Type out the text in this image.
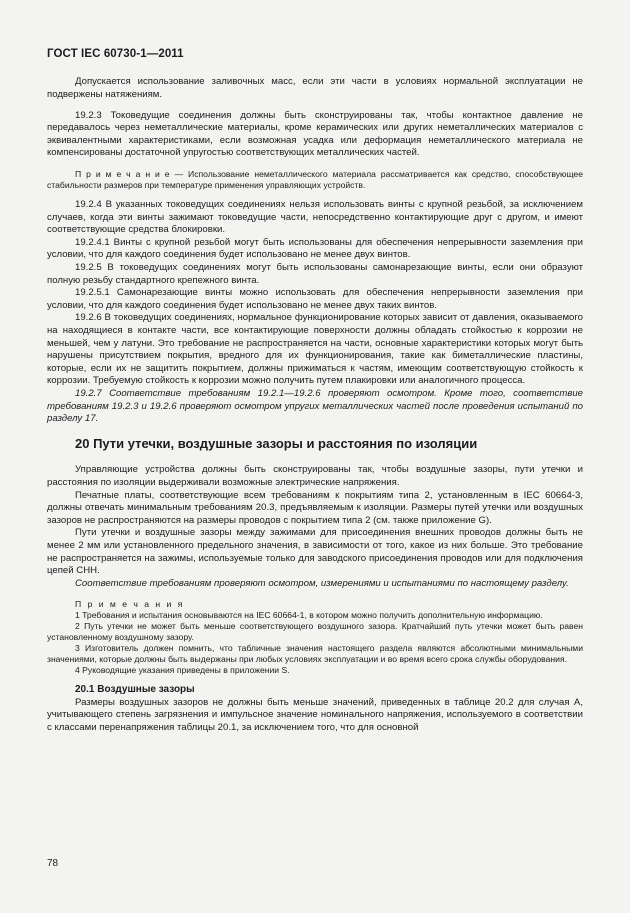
ГОСТ IEC 60730-1—2011

Допускается использование заливочных масс, если эти части в условиях нормальной эксплуатации не подвержены натяжениям.

19.2.3 Токоведущие соединения должны быть сконструированы так, чтобы контактное давление не передавалось через неметаллические материалы, кроме керамических или других неметаллических материалов с эквивалентными характеристиками, если возможная усадка или деформация неметаллического материала не компенсированы достаточной упругостью соответствующих металлических частей.

П р и м е ч а н и е — Использование неметаллического материала рассматривается как средство, способствующее стабильности размеров при температуре применения управляющих устройств.

19.2.4 В указанных токоведущих соединениях нельзя использовать винты с крупной резьбой, за исключением случаев, когда эти винты зажимают токоведущие части, непосредственно контактирующие друг с другом, и имеют соответствующие средства блокировки.

19.2.4.1 Винты с крупной резьбой могут быть использованы для обеспечения непрерывности заземления при условии, что для каждого соединения будет использовано не менее двух винтов.

19.2.5 В токоведущих соединениях могут быть использованы самонарезающие винты, если они образуют полную резьбу стандартного крепежного винта.

19.2.5.1 Самонарезающие винты можно использовать для обеспечения непрерывности заземления при условии, что для каждого соединения будет использовано не менее двух таких винтов.

19.2.6 В токоведущих соединениях, нормальное функционирование которых зависит от давления, оказываемого на находящиеся в контакте части, все контактирующие поверхности должны обладать стойкостью к коррозии не меньшей, чем у латуни. Это требование не распространяется на части, основные характеристики которых могут быть нарушены присутствием покрытия, вредного для их функционирования, такие как биметаллические пластины, которые, если их не защитить покрытием, должны прижиматься к частям, имеющим соответствующую стойкость к коррозии. Требуемую стойкость к коррозии можно получить путем плакировки или аналогичного процесса.

19.2.7 Соответствие требованиям 19.2.1—19.2.6 проверяют осмотром. Кроме того, соответствие требованиям 19.2.3 и 19.2.6 проверяют осмотром упругих металлических частей после проведения испытаний по разделу 17.

20 Пути утечки, воздушные зазоры и расстояния по изоляции

Управляющие устройства должны быть сконструированы так, чтобы воздушные зазоры, пути утечки и расстояния по изоляции выдерживали возможные электрические напряжения.

Печатные платы, соответствующие всем требованиям к покрытиям типа 2, установленным в IEC 60664-3, должны отвечать минимальным требованиям 20.3, предъявляемым к изоляции. Размеры путей утечки или воздушных зазоров не распространяются на размеры проводов с покрытием типа 2 (см. также приложение G).

Пути утечки и воздушные зазоры между зажимами для присоединения внешних проводов должны быть не менее 2 мм или установленного предельного значения, в зависимости от того, какое из них больше. Это требование не распространяется на зажимы, используемые только для заводского присоединения проводов или для подключения цепей СНН.

Соответствие требованиям проверяют осмотром, измерениями и испытаниями по настоящему разделу.

П р и м е ч а н и я

1 Требования и испытания основываются на IEC 60664-1, в котором можно получить дополнительную информацию.

2 Путь утечки не может быть меньше соответствующего воздушного зазора. Кратчайший путь утечки может быть равен установленному воздушному зазору.

3 Изготовитель должен помнить, что табличные значения настоящего раздела являются абсолютными минимальными значениями, которые должны быть выдержаны при любых условиях эксплуатации и во время всего срока службы оборудования.

4 Руководящие указания приведены в приложении S.

20.1 Воздушные зазоры

Размеры воздушных зазоров не должны быть меньше значений, приведенных в таблице 20.2 для случая А, учитывающего степень загрязнения и импульсное значение номинального напряжения, используемого в соответствии с классами перенапряжения таблицы 20.1, за исключением того, что для основной

78
